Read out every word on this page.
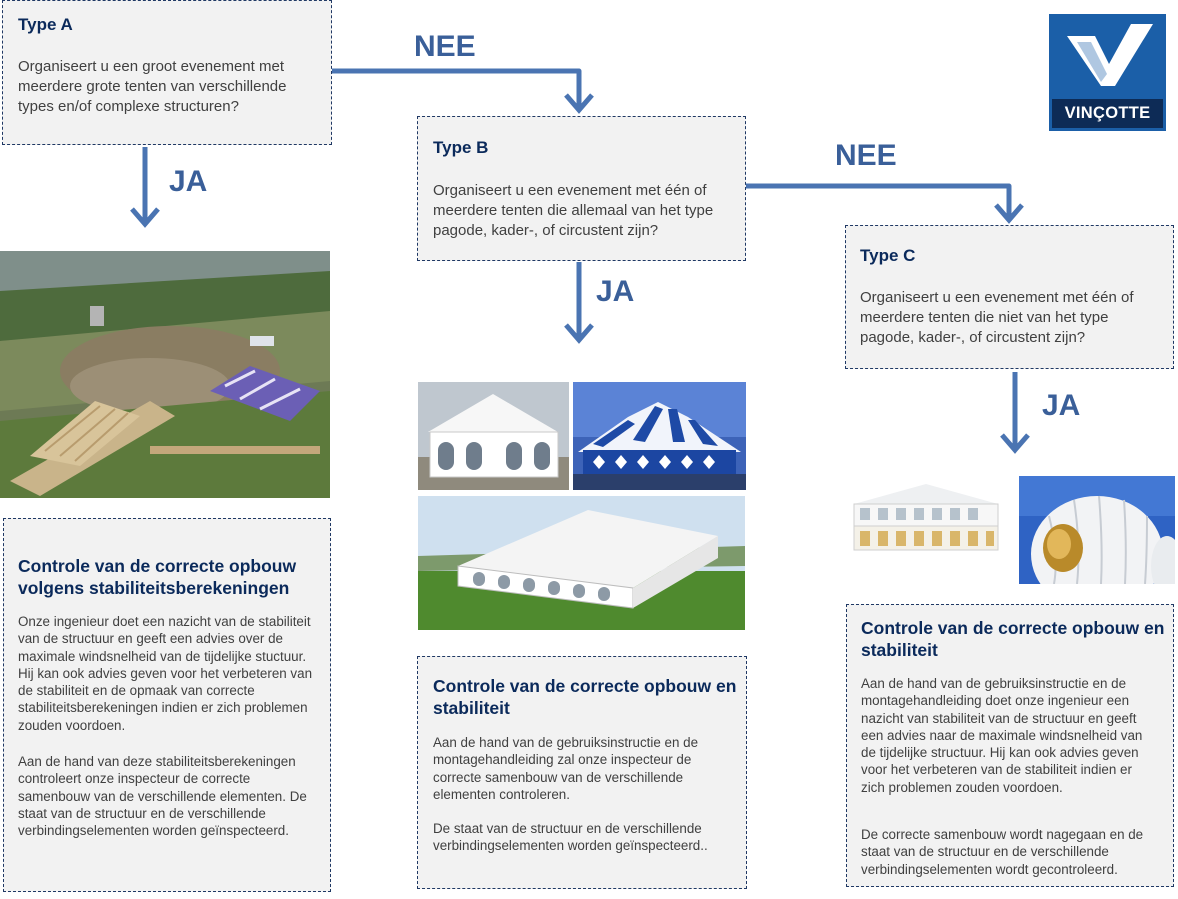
NEE
NEE
JA
JA
JA
Type A
Organiseert u een groot evenement met meerdere grote tenten van verschillende types en/of complexe structuren?
Type B
Organiseert u een evenement met één of meerdere tenten die allemaal van het type pagode, kader-, of circustent zijn?
Type C
Organiseert u een evenement met één of meerdere tenten die niet van het type pagode, kader-, of circustent zijn?
VINÇOTTE
Controle van de correcte opbouw volgens stabiliteitsberekeningen
Onze ingenieur doet een nazicht van de stabiliteit van de structuur en geeft een advies over de maximale windsnelheid van de tijdelijke stuctuur. Hij kan ook advies geven voor het verbeteren van de stabiliteit en de opmaak van correcte stabiliteitsberekeningen indien er zich problemen zouden voordoen.
Aan de hand van deze stabiliteitsberekeningen controleert onze inspecteur de correcte samenbouw van de verschillende elementen. De staat van de structuur en de verschillende verbindingselementen worden geïnspecteerd.
Controle van de correcte opbouw en stabiliteit
Aan de hand van de gebruiksinstructie en de montagehandleiding zal onze inspecteur de correcte samenbouw van de verschillende elementen controleren.
De staat van de structuur en de verschillende verbindingselementen worden geïnspecteerd..
Controle van de correcte opbouw en stabiliteit
Aan de hand van de gebruiksinstructie en de montagehandleiding doet onze ingenieur een nazicht van stabiliteit van de structuur en geeft een advies naar de maximale windsnelheid van de tijdelijke structuur. Hij kan ook advies geven voor het verbeteren van de stabiliteit indien er zich problemen zouden voordoen.
De correcte samenbouw wordt nagegaan en de staat van de structuur en de verschillende verbindingselementen wordt gecontroleerd.
